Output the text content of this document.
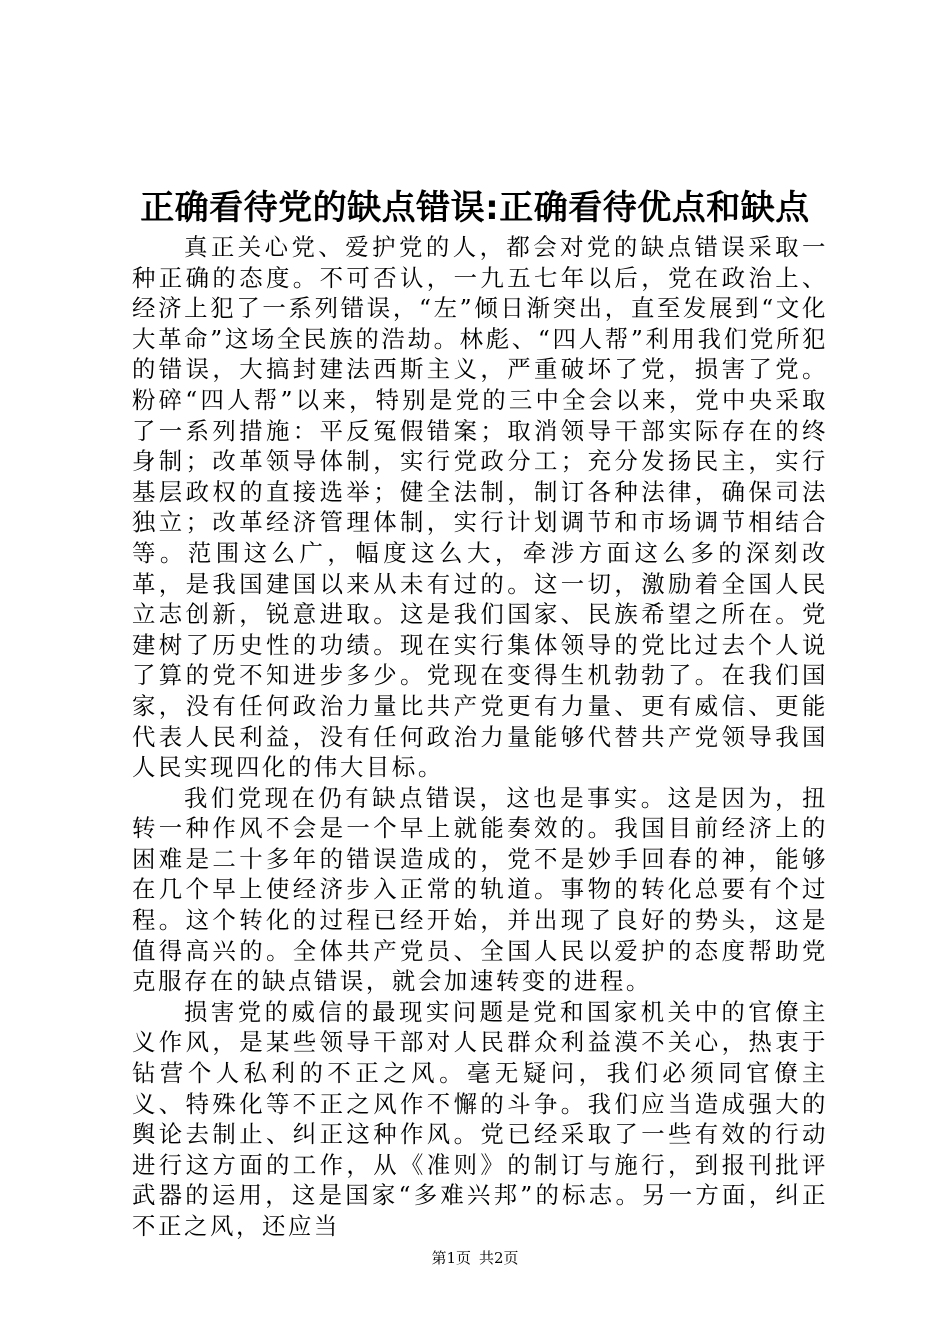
正确看待党的缺点错误:正确看待优点和缺点

真正关心党、爱护党的人，都会对党的缺点错误采取一种正确的态度。不可否认，一九五七年以后，党在政治上、经济上犯了一系列错误，“左”倾日渐突出，直至发展到“文化大革命”这场全民族的浩劫。林彪、“四人帮”利用我们党所犯的错误，大搞封建法西斯主义，严重破坏了党，损害了党。粉碎“四人帮”以来，特别是党的三中全会以来，党中央采取了一系列措施：平反冤假错案；取消领导干部实际存在的终身制；改革领导体制，实行党政分工；充分发扬民主，实行基层政权的直接选举；健全法制，制订各种法律，确保司法独立；改革经济管理体制，实行计划调节和市场调节相结合等。范围这么广，幅度这么大，牵涉方面这么多的深刻改革，是我国建国以来从未有过的。这一切，激励着全国人民立志创新，锐意进取。这是我们国家、民族希望之所在。党建树了历史性的功绩。现在实行集体领导的党比过去个人说了算的党不知进步多少。党现在变得生机勃勃了。在我们国家，没有任何政治力量比共产党更有力量、更有威信、更能代表人民利益，没有任何政治力量能够代替共产党领导我国人民实现四化的伟大目标。

我们党现在仍有缺点错误，这也是事实。这是因为，扭转一种作风不会是一个早上就能奏效的。我国目前经济上的困难是二十多年的错误造成的，党不是妙手回春的神，能够在几个早上使经济步入正常的轨道。事物的转化总要有个过程。这个转化的过程已经开始，并出现了良好的势头，这是值得高兴的。全体共产党员、全国人民以爱护的态度帮助党克服存在的缺点错误，就会加速转变的进程。

损害党的威信的最现实问题是党和国家机关中的官僚主义作风，是某些领导干部对人民群众利益漠不关心，热衷于钻营个人私利的不正之风。毫无疑问，我们必须同官僚主义、特殊化等不正之风作不懈的斗争。我们应当造成强大的舆论去制止、纠正这种作风。党已经采取了一些有效的行动进行这方面的工作，从《准则》的制订与施行，到报刊批评武器的运用，这是国家“多难兴邦”的标志。另一方面，纠正不正之风，还应当

第1页 共2页
